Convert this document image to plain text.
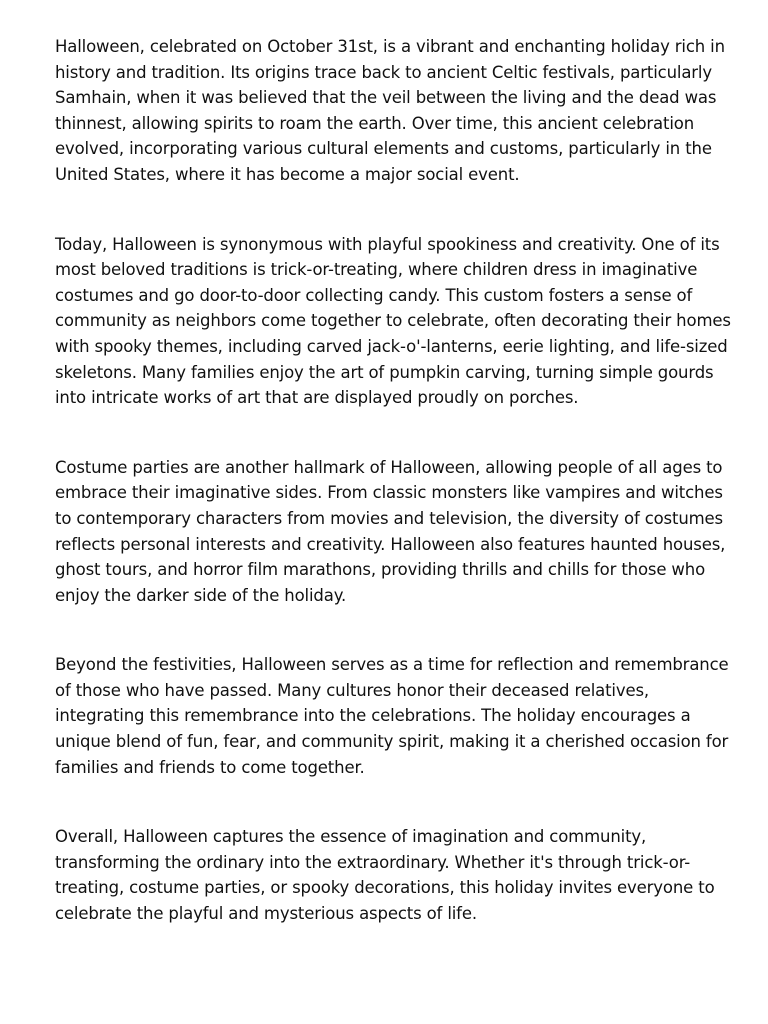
Halloween, celebrated on October 31st, is a vibrant and enchanting holiday rich in history and tradition. Its origins trace back to ancient Celtic festivals, particularly Samhain, when it was believed that the veil between the living and the dead was thinnest, allowing spirits to roam the earth. Over time, this ancient celebration evolved, incorporating various cultural elements and customs, particularly in the United States, where it has become a major social event.

Today, Halloween is synonymous with playful spookiness and creativity. One of its most beloved traditions is trick-or-treating, where children dress in imaginative costumes and go door-to-door collecting candy. This custom fosters a sense of community as neighbors come together to celebrate, often decorating their homes with spooky themes, including carved jack-o'-lanterns, eerie lighting, and life-sized skeletons. Many families enjoy the art of pumpkin carving, turning simple gourds into intricate works of art that are displayed proudly on porches.

Costume parties are another hallmark of Halloween, allowing people of all ages to embrace their imaginative sides. From classic monsters like vampires and witches to contemporary characters from movies and television, the diversity of costumes reflects personal interests and creativity. Halloween also features haunted houses, ghost tours, and horror film marathons, providing thrills and chills for those who enjoy the darker side of the holiday.

Beyond the festivities, Halloween serves as a time for reflection and remembrance of those who have passed. Many cultures honor their deceased relatives, integrating this remembrance into the celebrations. The holiday encourages a unique blend of fun, fear, and community spirit, making it a cherished occasion for families and friends to come together.

Overall, Halloween captures the essence of imagination and community, transforming the ordinary into the extraordinary. Whether it's through trick-or-treating, costume parties, or spooky decorations, this holiday invites everyone to celebrate the playful and mysterious aspects of life.
